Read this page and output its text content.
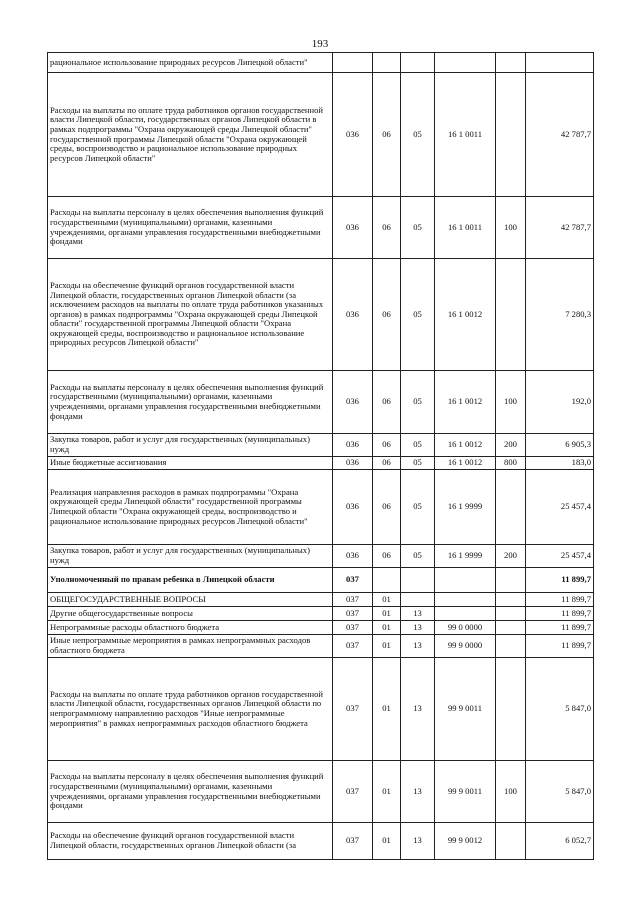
193
рациональное использование природных ресурсов Липецкой области"						
Расходы на выплаты по оплате труда работников органов государственной власти Липецкой области, государственных органов Липецкой области в рамках подпрограммы "Охрана окружающей среды Липецкой области" государственной программы Липецкой области "Охрана окружающей среды, воспроизводство и рациональное использование природных ресурсов Липецкой области"	036	06	05	16 1 0011		42 787,7
Расходы на выплаты персоналу в целях обеспечения выполнения функций государственными (муниципальными) органами, казенными учреждениями, органами управления государственными внебюджетными фондами	036	06	05	16 1 0011	100	42 787,7
Расходы на обеспечение функций органов государственной власти Липецкой области, государственных органов Липецкой области (за исключением расходов на выплаты по оплате труда работников указанных органов) в рамках подпрограммы "Охрана окружающей среды Липецкой области" государственной программы Липецкой области "Охрана окружающей среды, воспроизводство и рациональное использование природных ресурсов Липецкой области"	036	06	05	16 1 0012		7 280,3
Расходы на выплаты персоналу в целях обеспечения выполнения функций государственными (муниципальными) органами, казенными учреждениями, органами управления государственными внебюджетными фондами	036	06	05	16 1 0012	100	192,0
Закупка товаров, работ и услуг для государственных (муниципальных) нужд	036	06	05	16 1 0012	200	6 905,3
Иные бюджетные ассигнования	036	06	05	16 1 0012	800	183,0
Реализация направления расходов в рамках подпрограммы "Охрана окружающей среды Липецкой области" государственной программы Липецкой области "Охрана окружающей среды, воспроизводство и рациональное использование природных ресурсов Липецкой области"	036	06	05	16 1 9999		25 457,4
Закупка товаров, работ и услуг для государственных (муниципальных) нужд	036	06	05	16 1 9999	200	25 457,4
Уполномоченный по правам ребенка в Липецкой области	037					11 899,7
ОБЩЕГОСУДАРСТВЕННЫЕ ВОПРОСЫ	037	01				11 899,7
Другие общегосударственные вопросы	037	01	13			11 899,7
Непрограммные расходы областного бюджета	037	01	13	99 0 0000		11 899,7
Иные непрограммные мероприятия в рамках непрограммных расходов областного бюджета	037	01	13	99 9 0000		11 899,7
Расходы на выплаты по оплате труда работников органов государственной власти Липецкой области, государственных органов Липецкой области по непрограммному направлению расходов "Иные непрограммные мероприятия" в рамках непрограммных расходов областного бюджета	037	01	13	99 9 0011		5 847,0
Расходы на выплаты персоналу в целях обеспечения выполнения функций государственными (муниципальными) органами, казенными учреждениями, органами управления государственными внебюджетными фондами	037	01	13	99 9 0011	100	5 847,0
Расходы на обеспечение функций органов государственной власти Липецкой области, государственных органов Липецкой области (за	037	01	13	99 9 0012		6 052,7
